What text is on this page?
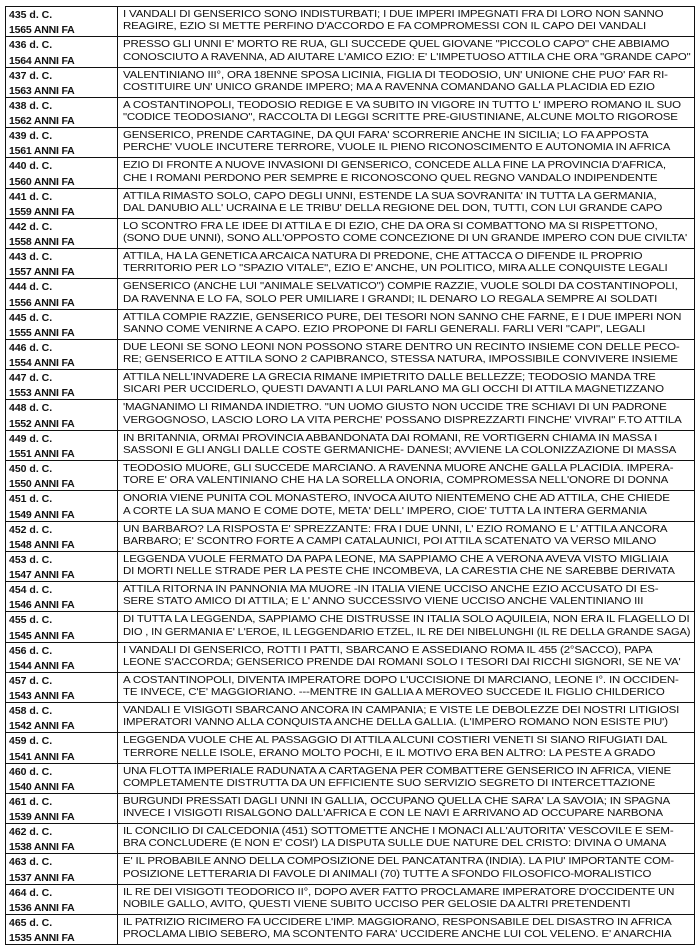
435 d. C.
1565 ANNI FA
I VANDALI DI GENSERICO SONO INDISTURBATI; I DUE IMPERI IMPEGNATI FRA DI LORO NON SANNO
REAGIRE, EZIO SI METTE PERFINO D'ACCORDO E FA COMPROMESSI CON IL CAPO DEI VANDALI
436 d. C.
1564 ANNI FA
PRESSO GLI UNNI E' MORTO RE RUA, GLI SUCCEDE QUEL GIOVANE "PICCOLO CAPO" CHE ABBIAMO
CONOSCIUTO A RAVENNA, AD AIUTARE L'AMICO EZIO: E' L'IMPETUOSO ATTILA CHE ORA "GRANDE CAPO"
437 d. C.
1563 ANNI FA
VALENTINIANO III°, ORA 18ENNE SPOSA LICINIA, FIGLIA DI TEODOSIO, UN' UNIONE CHE PUO' FAR RI-
COSTITUIRE UN' UNICO GRANDE IMPERO; MA A RAVENNA COMANDANO GALLA PLACIDIA ED EZIO
438 d. C.
1562 ANNI FA
A COSTANTINOPOLI, TEODOSIO REDIGE E VA SUBITO IN VIGORE IN TUTTO L' IMPERO ROMANO IL SUO
"CODICE TEODOSIANO", RACCOLTA DI LEGGI SCRITTE PRE-GIUSTINIANE, ALCUNE MOLTO RIGOROSE
439 d. C.
1561 ANNI FA
GENSERICO, PRENDE CARTAGINE, DA QUI FARA' SCORRERIE ANCHE IN SICILIA; LO FA APPOSTA
PERCHE' VUOLE INCUTERE TERRORE, VUOLE IL PIENO RICONOSCIMENTO E AUTONOMIA IN AFRICA
440 d. C.
1560 ANNI FA
EZIO DI FRONTE A NUOVE INVASIONI DI GENSERICO, CONCEDE ALLA FINE LA PROVINCIA D'AFRICA,
CHE I ROMANI PERDONO PER SEMPRE E RICONOSCONO QUEL REGNO VANDALO INDIPENDENTE
441 d. C.
1559 ANNI FA
ATTILA RIMASTO SOLO, CAPO DEGLI UNNI, ESTENDE LA SUA SOVRANITA' IN TUTTA LA GERMANIA,
DAL DANUBIO ALL' UCRAINA E LE TRIBU' DELLA REGIONE DEL DON, TUTTI, CON LUI GRANDE CAPO
442 d. C.
1558 ANNI FA
LO SCONTRO FRA LE IDEE DI ATTILA E DI EZIO, CHE DA ORA SI COMBATTONO MA SI RISPETTONO,
(SONO DUE UNNI), SONO ALL'OPPOSTO COME CONCEZIONE DI UN GRANDE IMPERO CON DUE CIVILTA'
443 d. C.
1557 ANNI FA
ATTILA, HA LA GENETICA ARCAICA NATURA DI PREDONE, CHE ATTACCA O DIFENDE IL PROPRIO
TERRITORIO PER LO "SPAZIO VITALE", EZIO E' ANCHE, UN POLITICO, MIRA ALLE CONQUISTE LEGALI
444 d. C.
1556 ANNI FA
GENSERICO (ANCHE LUI "ANIMALE SELVATICO") COMPIE RAZZIE, VUOLE SOLDI DA COSTANTINOPOLI,
DA RAVENNA E LO FA, SOLO PER UMILIARE I GRANDI; IL DENARO LO REGALA SEMPRE AI SOLDATI
445 d. C.
1555 ANNI FA
ATTILA COMPIE RAZZIE, GENSERICO PURE, DEI TESORI NON SANNO CHE FARNE, E I DUE IMPERI NON
SANNO COME VENIRNE A CAPO. EZIO PROPONE DI FARLI GENERALI. FARLI VERI "CAPI", LEGALI
446 d. C.
1554 ANNI FA
DUE LEONI SE SONO LEONI NON POSSONO STARE DENTRO UN RECINTO INSIEME CON DELLE PECO-
RE; GENSERICO E ATTILA SONO 2 CAPIBRANCO, STESSA NATURA, IMPOSSIBILE CONVIVERE INSIEME
447 d. C.
1553 ANNI FA
ATTILA NELL'INVADERE LA GRECIA RIMANE IMPIETRITO DALLE BELLEZZE; TEODOSIO MANDA TRE
SICARI PER UCCIDERLO, QUESTI DAVANTI A LUI PARLANO MA GLI OCCHI DI ATTILA MAGNETIZZANO
448 d. C.
1552 ANNI FA
'MAGNANIMO LI RIMANDA INDIETRO. "UN UOMO GIUSTO NON UCCIDE TRE SCHIAVI DI UN PADRONE
VERGOGNOSO, LASCIO LORO LA VITA PERCHE' POSSANO DISPREZZARTI FINCHE' VIVRAI" F.TO ATTILA
449 d. C.
1551 ANNI FA
IN BRITANNIA, ORMAI PROVINCIA ABBANDONATA DAI ROMANI, RE VORTIGERN CHIAMA IN MASSA I
SASSONI E GLI ANGLI DALLE COSTE GERMANICHE- DANESI; AVVIENE LA COLONIZZAZIONE DI MASSA
450 d. C.
1550 ANNI FA
TEODOSIO MUORE, GLI SUCCEDE MARCIANO. A RAVENNA MUORE ANCHE GALLA PLACIDIA. IMPERA-
TORE E' ORA VALENTINIANO CHE HA LA SORELLA ONORIA, COMPROMESSA NELL'ONORE DI DONNA
451 d. C.
1549 ANNI FA
ONORIA VIENE PUNITA COL MONASTERO, INVOCA AIUTO NIENTEMENO CHE AD ATTILA, CHE CHIEDE
A CORTE LA SUA MANO E COME DOTE, META' DELL' IMPERO, CIOE' TUTTA LA INTERA GERMANIA
452 d. C.
1548 ANNI FA
UN BARBARO? LA RISPOSTA E' SPREZZANTE: FRA I DUE UNNI, L' EZIO ROMANO E L' ATTILA ANCORA
BARBARO; E' SCONTRO FORTE A CAMPI CATALAUNICI, POI ATTILA SCATENATO VA VERSO MILANO
453 d. C.
1547 ANNI FA
LEGGENDA VUOLE FERMATO DA PAPA LEONE, MA SAPPIAMO CHE A VERONA AVEVA VISTO MIGLIAIA
DI MORTI NELLE STRADE PER LA PESTE CHE INCOMBEVA, LA CARESTIA CHE NE SAREBBE DERIVATA
454 d. C.
1546 ANNI FA
ATTILA RITORNA IN PANNONIA MA MUORE -IN ITALIA VIENE UCCISO ANCHE EZIO ACCUSATO DI ES-
SERE STATO AMICO DI ATTILA; E L' ANNO SUCCESSIVO VIENE UCCISO ANCHE VALENTINIANO III
455 d. C.
1545 ANNI FA
DI TUTTA LA LEGGENDA, SAPPIAMO CHE DISTRUSSE IN ITALIA SOLO AQUILEIA, NON ERA IL FLAGELLO DI
DIO , IN GERMANIA E' L'EROE, IL LEGGENDARIO ETZEL, IL RE DEI NIBELUNGHI (IL RE DELLA GRANDE SAGA)
456 d. C.
1544 ANNI FA
I VANDALI DI GENSERICO, ROTTI I PATTI, SBARCANO E ASSEDIANO ROMA IL 455 (2°SACCO), PAPA
LEONE S'ACCORDA; GENSERICO PRENDE DAI ROMANI SOLO I TESORI DAI RICCHI SIGNORI, SE NE VA'
457 d. C.
1543 ANNI FA
A COSTANTINOPOLI, DIVENTA IMPERATORE DOPO L'UCCISIONE DI MARCIANO, LEONE I°. IN OCCIDEN-
TE INVECE, C'E' MAGGIORIANO. ---MENTRE IN GALLIA A MEROVEO SUCCEDE IL FIGLIO CHILDERICO
458 d. C.
1542 ANNI FA
VANDALI E VISIGOTI SBARCANO ANCORA IN CAMPANIA; E VISTE LE DEBOLEZZE DEI NOSTRI LITIGIOSI
IMPERATORI VANNO ALLA CONQUISTA ANCHE DELLA GALLIA. (L'IMPERO ROMANO NON ESISTE PIU')
459 d. C.
1541 ANNI FA
LEGGENDA VUOLE CHE AL PASSAGGIO DI ATTILA ALCUNI COSTIERI VENETI SI SIANO RIFUGIATI DAL
TERRORE NELLE ISOLE, ERANO MOLTO POCHI, E IL MOTIVO ERA BEN ALTRO: LA PESTE A GRADO
460 d. C.
1540 ANNI FA
UNA FLOTTA IMPERIALE RADUNATA A CARTAGENA PER COMBATTERE GENSERICO IN AFRICA, VIENE
COMPLETAMENTE DISTRUTTA DA UN EFFICIENTE SUO SERVIZIO SEGRETO DI INTERCETTAZIONE
461 d. C.
1539 ANNI FA
BURGUNDI PRESSATI DAGLI UNNI IN GALLIA, OCCUPANO QUELLA CHE SARA' LA SAVOIA; IN SPAGNA
INVECE I VISIGOTI RISALGONO DALL'AFRICA E CON LE NAVI E ARRIVANO AD OCCUPARE NARBONA
462 d. C.
1538 ANNI FA
IL CONCILIO DI CALCEDONIA (451) SOTTOMETTE ANCHE I MONACI ALL'AUTORITA' VESCOVILE E SEM-
BRA CONCLUDERE (E NON E' COSI') LA DISPUTA SULLE DUE NATURE DEL CRISTO: DIVINA O UMANA
463 d. C.
1537 ANNI FA
E' IL PROBABILE ANNO DELLA COMPOSIZIONE DEL PANCATANTRA (INDIA). LA PIU' IMPORTANTE COM-
POSIZIONE LETTERARIA DI FAVOLE DI ANIMALI (70) TUTTE A SFONDO FILOSOFICO-MORALISTICO
464 d. C.
1536 ANNI FA
IL RE DEI VISIGOTI TEODORICO II°, DOPO AVER FATTO PROCLAMARE IMPERATORE D'OCCIDENTE UN
NOBILE GALLO, AVITO, QUESTI VIENE SUBITO UCCISO PER GELOSIE DA ALTRI PRETENDENTI
465 d. C.
1535 ANNI FA
IL PATRIZIO RICIMERO FA UCCIDERE L'IMP. MAGGIORANO, RESPONSABILE DEL DISASTRO IN AFRICA
PROCLAMA LIBIO SEBERO, MA SCONTENTO FARA' UCCIDERE ANCHE LUI COL VELENO. E' ANARCHIA
